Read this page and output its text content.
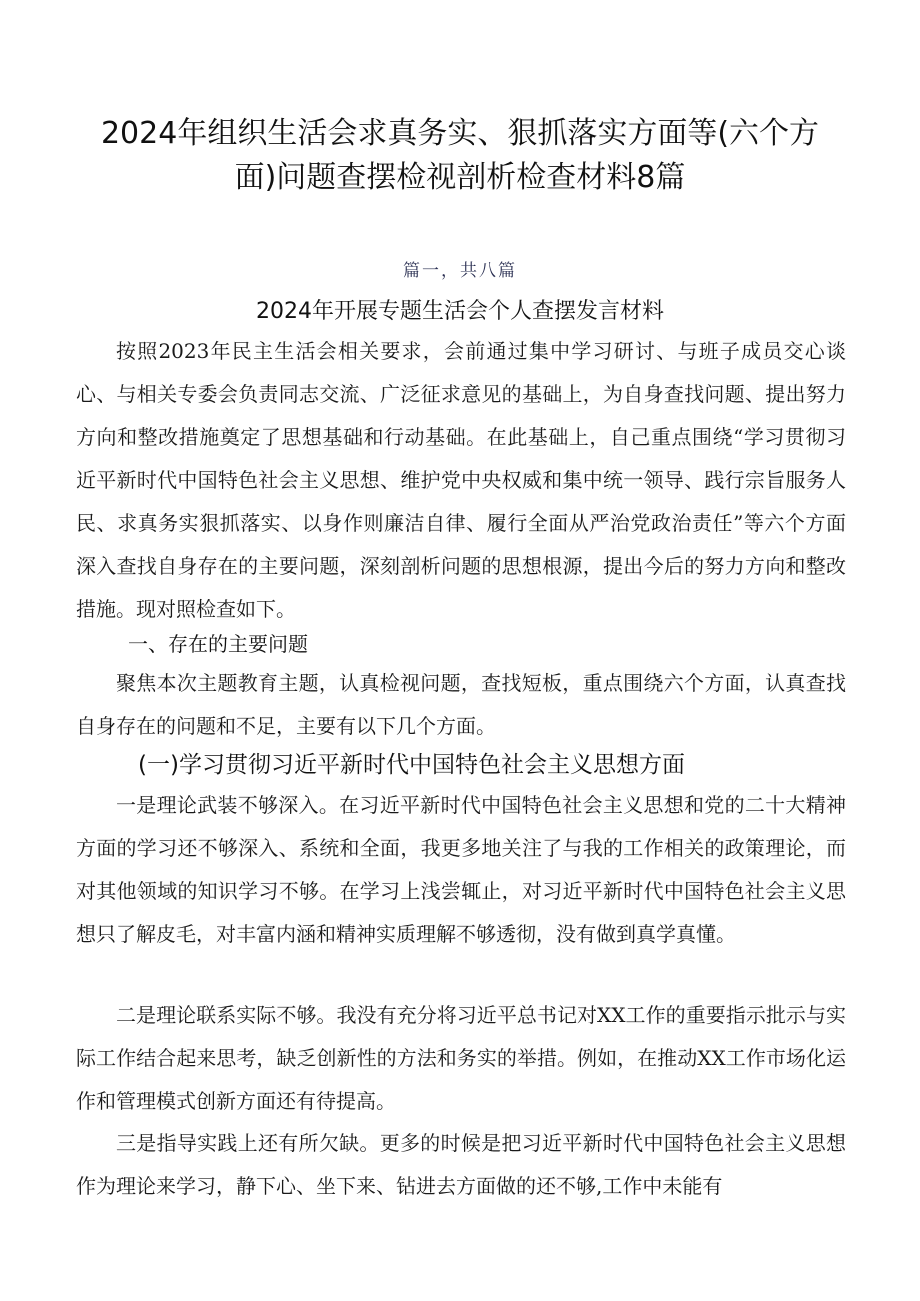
2024年组织生活会求真务实、狠抓落实方面等(六个方面)问题查摆检视剖析检查材料8篇
篇一，共八篇
2024年开展专题生活会个人查摆发言材料

按照2023年民主生活会相关要求，会前通过集中学习研讨、与班子成员交心谈心、与相关专委会负责同志交流、广泛征求意见的基础上，为自身查找问题、提出努力方向和整改措施奠定了思想基础和行动基础。在此基础上，自己重点围绕“学习贯彻习近平新时代中国特色社会主义思想、维护党中央权威和集中统一领导、践行宗旨服务人民、求真务实狠抓落实、以身作则廉洁自律、履行全面从严治党政治责任”等六个方面深入查找自身存在的主要问题，深刻剖析问题的思想根源，提出今后的努力方向和整改措施。现对照检查如下。

一、存在的主要问题

聚焦本次主题教育主题，认真检视问题，查找短板，重点围绕六个方面，认真查找自身存在的问题和不足，主要有以下几个方面。

(一)学习贯彻习近平新时代中国特色社会主义思想方面

一是理论武装不够深入。在习近平新时代中国特色社会主义思想和党的二十大精神方面的学习还不够深入、系统和全面，我更多地关注了与我的工作相关的政策理论，而对其他领域的知识学习不够。在学习上浅尝辄止，对习近平新时代中国特色社会主义思想只了解皮毛，对丰富内涵和精神实质理解不够透彻，没有做到真学真懂。

二是理论联系实际不够。我没有充分将习近平总书记对XX工作的重要指示批示与实际工作结合起来思考，缺乏创新性的方法和务实的举措。例如，在推动XX工作市场化运作和管理模式创新方面还有待提高。

三是指导实践上还有所欠缺。更多的时候是把习近平新时代中国特色社会主义思想作为理论来学习，静下心、坐下来、钻进去方面做的还不够,工作中未能有
